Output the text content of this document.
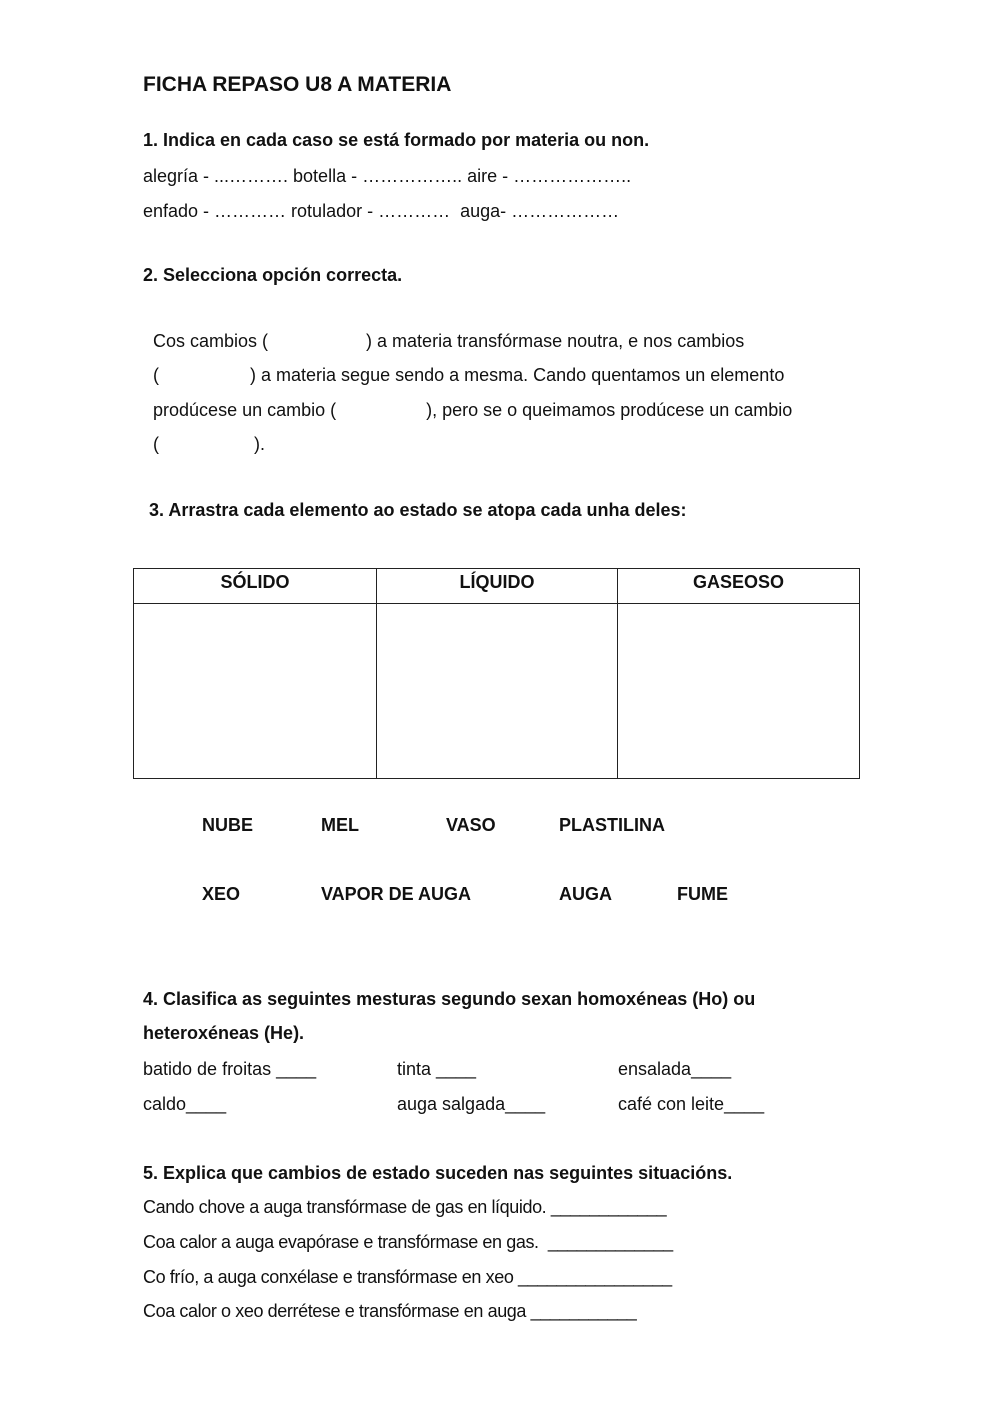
FICHA REPASO U8 A MATERIA
1. Indica en cada caso se está formado por materia ou non.
alegría - ...………. botella - …………….. aire - ………………..
enfado - ………… rotulador - …………  auga- ………………
2. Selecciona opción correcta.

Cos cambios (	) a materia transfórmase noutra, e nos cambios

(	) a materia segue sendo a mesma. Cando quentamos un elemento

prodúcese un cambio (	), pero se o queimamos prodúcese un cambio

(	).

3. Arrastra cada elemento ao estado se atopa cada unha deles:
SÓLIDO	LÍQUIDO	GASEOSO
NUBE	MEL	VASO	PLASTILINA
XEO	VAPOR DE AUGA	AUGA	FUME
4. Clasifica as seguintes mesturas segundo sexan homoxéneas (Ho) ou
heteroxéneas (He).
batido de froitas ____	tinta ____	ensalada____
caldo____	auga salgada____	café con leite____
5. Explica que cambios de estado suceden nas seguintes situacións.
Cando chove a auga transfórmase de gas en líquido. ____________
Coa calor a auga evapórase e transfórmase en gas.  _____________
Co frío, a auga conxélase e transfórmase en xeo ________________
Coa calor o xeo derrétese e transfórmase en auga ___________
